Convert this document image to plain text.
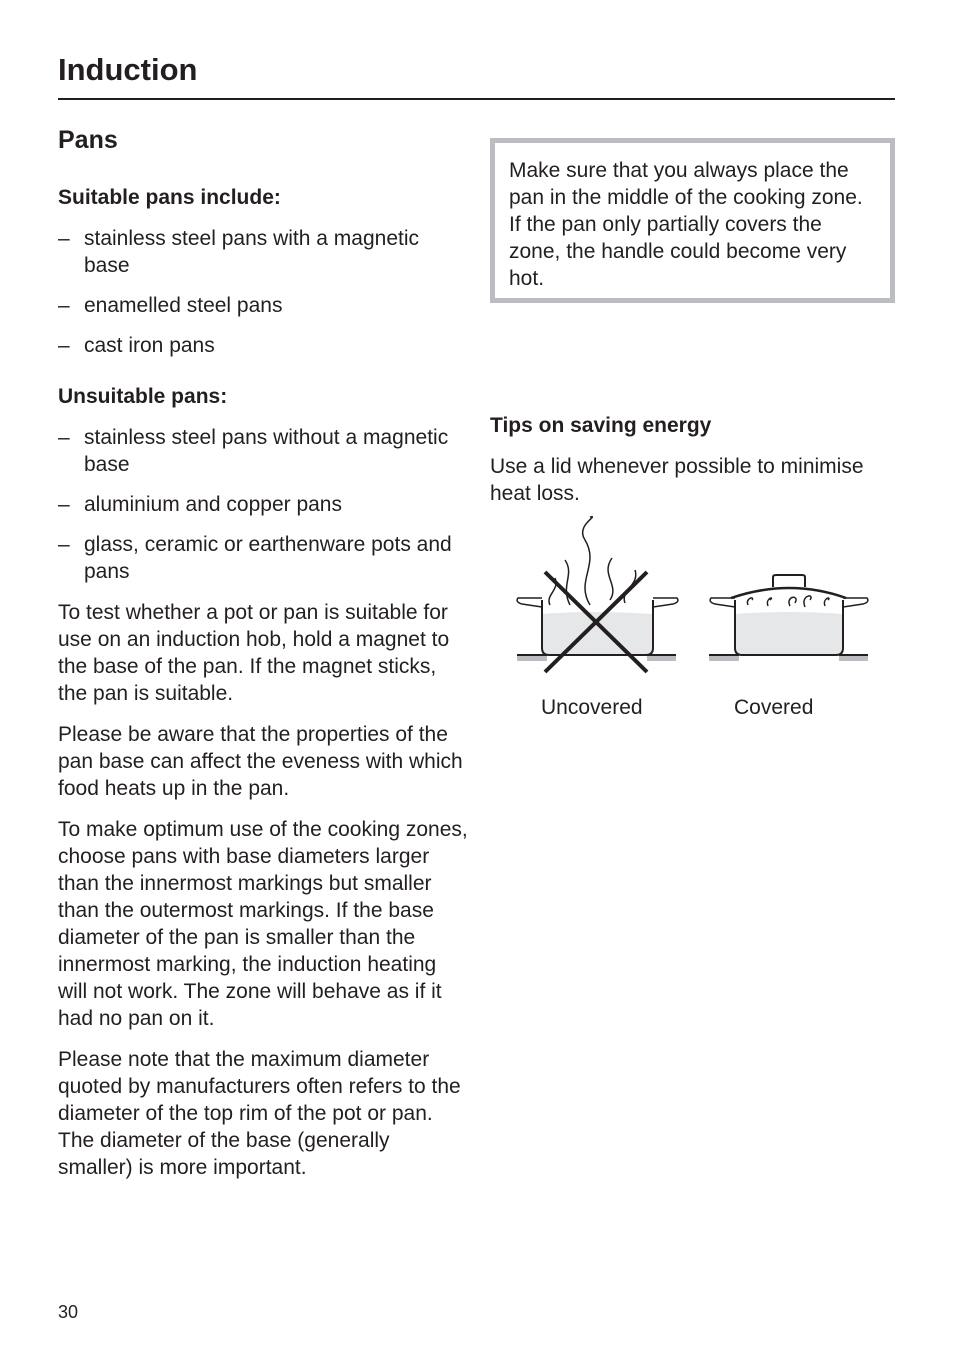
Induction
Pans

Suitable pans include:

– stainless steel pans with a magnetic base
– enamelled steel pans
– cast iron pans

Unsuitable pans:

– stainless steel pans without a magnetic base
– aluminium and copper pans
– glass, ceramic or earthenware pots and pans

To test whether a pot or pan is suitable for use on an induction hob, hold a magnet to the base of the pan. If the magnet sticks, the pan is suitable.

Please be aware that the properties of the pan base can affect the eveness with which food heats up in the pan.

To make optimum use of the cooking zones, choose pans with base diameters larger than the innermost markings but smaller than the outermost markings. If the base diameter of the pan is smaller than the innermost marking, the induction heating will not work. The zone will behave as if it had no pan on it.

Please note that the maximum diameter quoted by manufacturers often refers to the diameter of the top rim of the pot or pan. The diameter of the base (generally smaller) is more important.

Make sure that you always place the pan in the middle of the cooking zone. If the pan only partially covers the zone, the handle could become very hot.

Tips on saving energy

Use a lid whenever possible to minimise heat loss.

Uncovered	Covered
30
